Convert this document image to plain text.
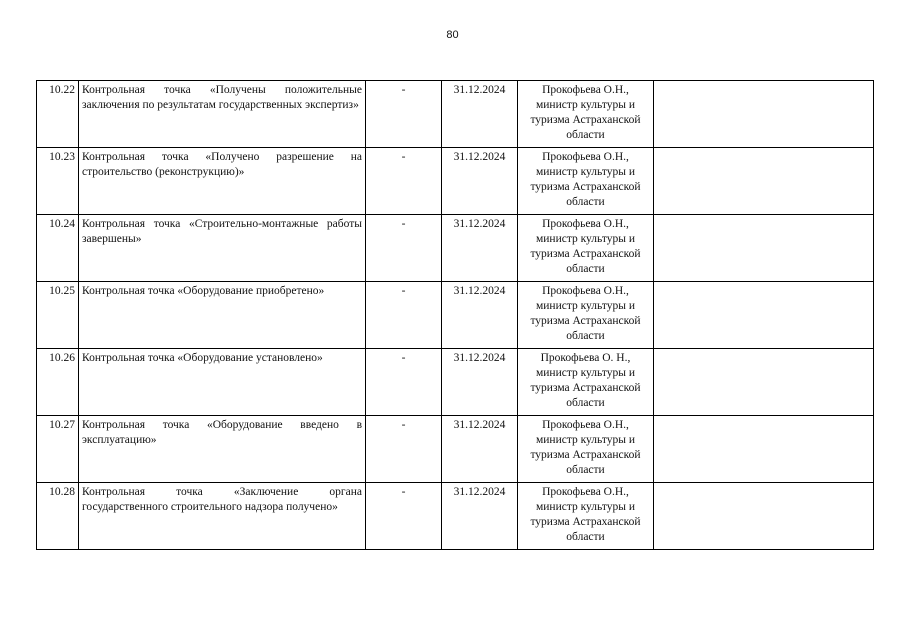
80
10.22	Контрольная точка «Получены положительные заключения по результатам государственных экспертиз»	-	31.12.2024	Прокофьева О.Н., министр культуры и туризма Астраханской области	
10.23	Контрольная точка «Получено разрешение на строительство (реконструкцию)»	-	31.12.2024	Прокофьева О.Н., министр культуры и туризма Астраханской области	
10.24	Контрольная точка «Строительно-монтажные работы завершены»	-	31.12.2024	Прокофьева О.Н., министр культуры и туризма Астраханской области	
10.25	Контрольная точка «Оборудование приобретено»	-	31.12.2024	Прокофьева О.Н., министр культуры и туризма Астраханской области	
10.26	Контрольная точка «Оборудование установлено»	-	31.12.2024	Прокофьева О. Н., министр культуры и туризма Астраханской области	
10.27	Контрольная точка «Оборудование введено в эксплуатацию»	-	31.12.2024	Прокофьева О.Н., министр культуры и туризма Астраханской области	
10.28	Контрольная точка «Заключение органа государственного строительного надзора получено»	-	31.12.2024	Прокофьева О.Н., министр культуры и туризма Астраханской области	
